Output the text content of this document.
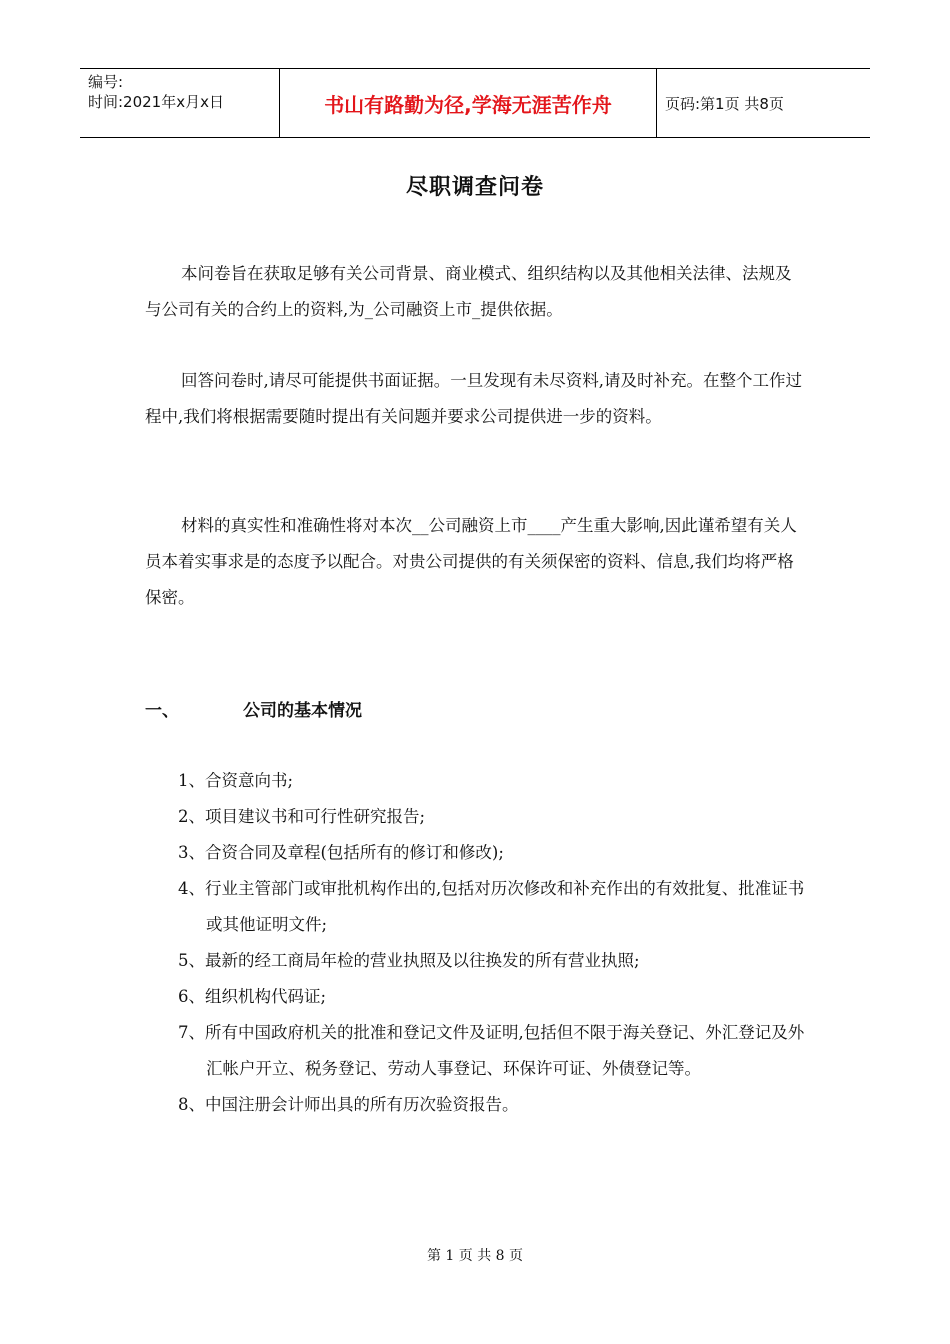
编号:
时间:2021年x月x日	书山有路勤为径,学海无涯苦作舟	页码:第1页 共8页
尽职调查问卷

本问卷旨在获取足够有关公司背景、商业模式、组织结构以及其他相关法律、法规及与公司有关的合约上的资料,为_公司融资上市_提供依据。

回答问卷时,请尽可能提供书面证据。一旦发现有未尽资料,请及时补充。在整个工作过程中,我们将根据需要随时提出有关问题并要求公司提供进一步的资料。

材料的真实性和准确性将对本次__公司融资上市____产生重大影响,因此谨希望有关人员本着实事求是的态度予以配合。对贵公司提供的有关须保密的资料、信息,我们均将严格保密。

一、	公司的基本情况
1、合资意向书;
2、项目建议书和可行性研究报告;
3、合资合同及章程(包括所有的修订和修改);
4、行业主管部门或审批机构作出的,包括对历次修改和补充作出的有效批复、批准证书或其他证明文件;
5、最新的经工商局年检的营业执照及以往换发的所有营业执照;
6、组织机构代码证;
7、所有中国政府机关的批准和登记文件及证明,包括但不限于海关登记、外汇登记及外汇帐户开立、税务登记、劳动人事登记、环保许可证、外债登记等。
8、中国注册会计师出具的所有历次验资报告。
第 1 页 共 8 页
